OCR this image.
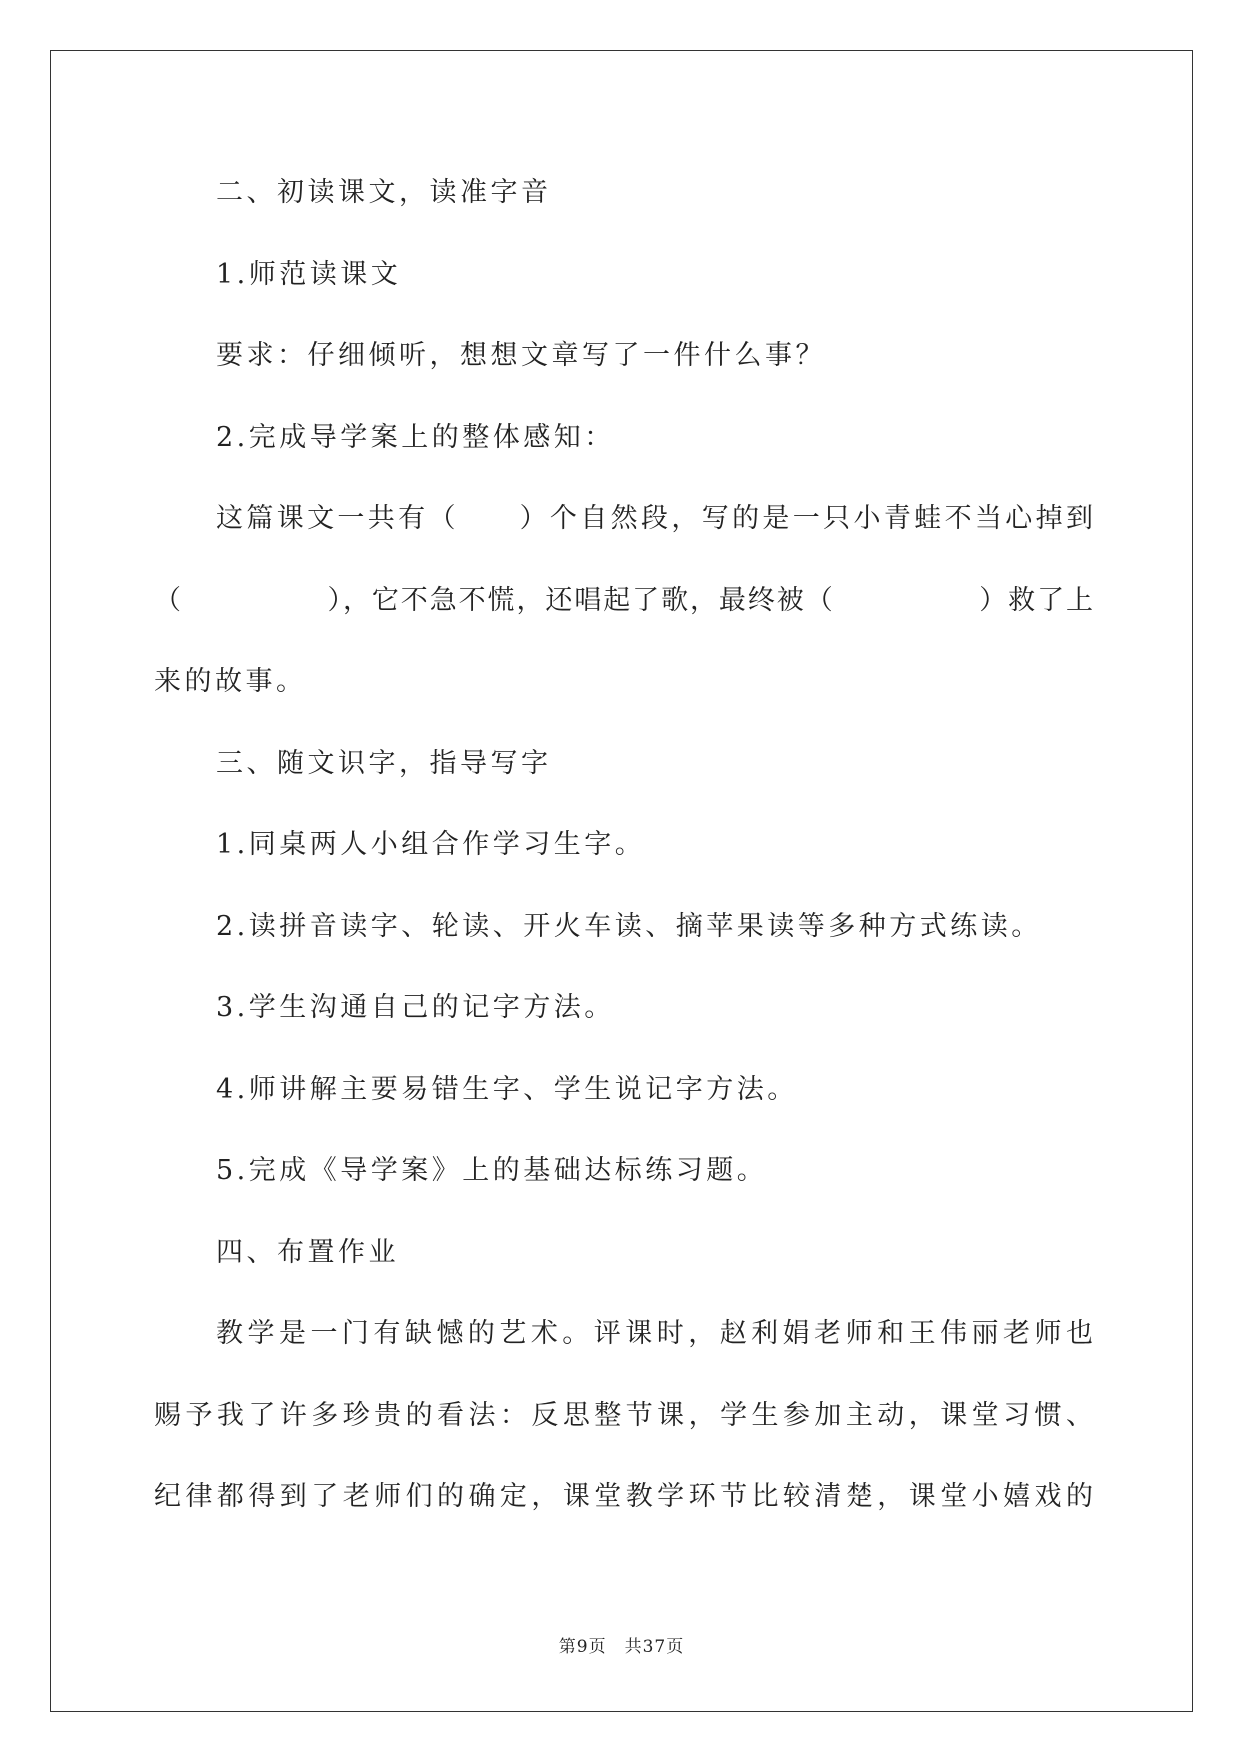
二、初读课文，读准字音
1.师范读课文
要求：仔细倾听，想想文章写了一件什么事？
2.完成导学案上的整体感知：
这篇课文一共有（　　）个自然段，写的是一只小青蛙不当心掉到
（　　　　　），它不急不慌，还唱起了歌，最终被（　　　　　）救了上
来的故事。
三、随文识字，指导写字
1.同桌两人小组合作学习生字。
2.读拼音读字、轮读、开火车读、摘苹果读等多种方式练读。
3.学生沟通自己的记字方法。
4.师讲解主要易错生字、学生说记字方法。
5.完成《导学案》上的基础达标练习题。
四、布置作业
教学是一门有缺憾的艺术。评课时，赵利娟老师和王伟丽老师也
赐予我了许多珍贵的看法：反思整节课，学生参加主动，课堂习惯、
纪律都得到了老师们的确定，课堂教学环节比较清楚，课堂小嬉戏的
第9页　共37页
